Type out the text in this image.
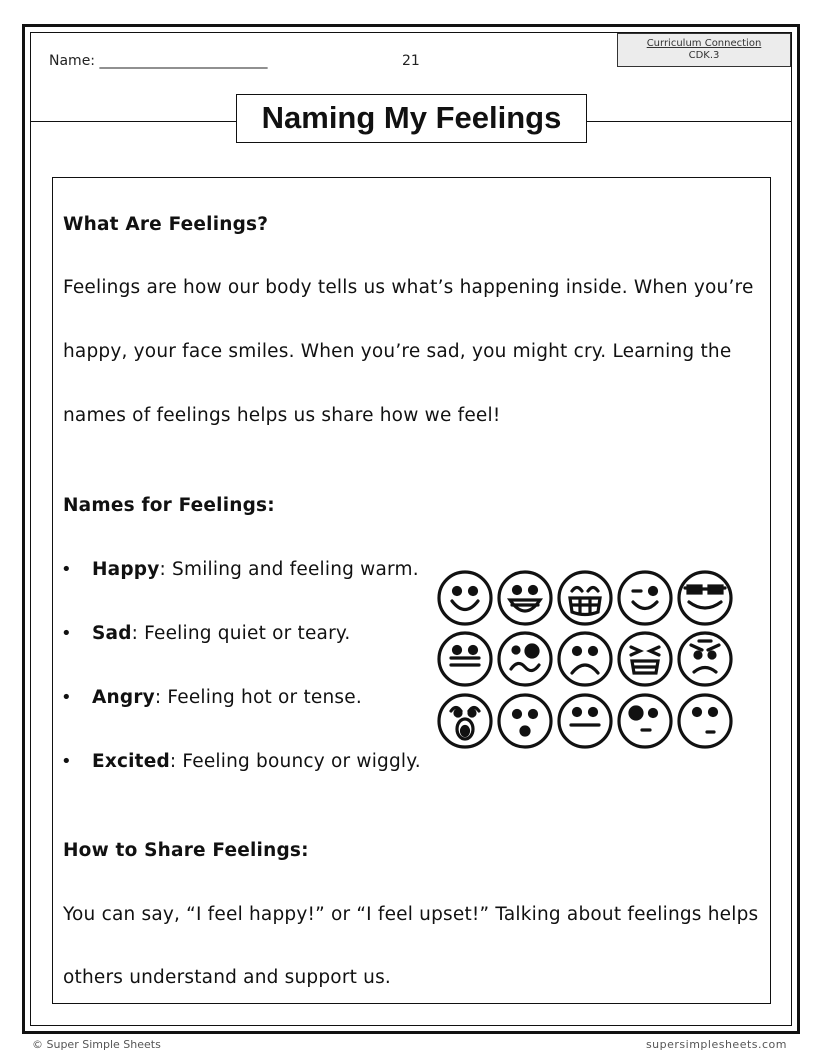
Name: ________________________	21
Curriculum Connection
CDK.3
Naming My Feelings
What Are Feelings?
Feelings are how our body tells us what’s happening inside. When you’re
happy, your face smiles. When you’re sad, you might cry. Learning the
names of feelings helps us share how we feel!
Names for Feelings:
• Happy: Smiling and feeling warm.
• Sad: Feeling quiet or teary.
• Angry: Feeling hot or tense.
• Excited: Feeling bouncy or wiggly.
How to Share Feelings:
You can say, “I feel happy!” or “I feel upset!” Talking about feelings helps
others understand and support us.
© Super Simple Sheets	supersimplesheets.com
